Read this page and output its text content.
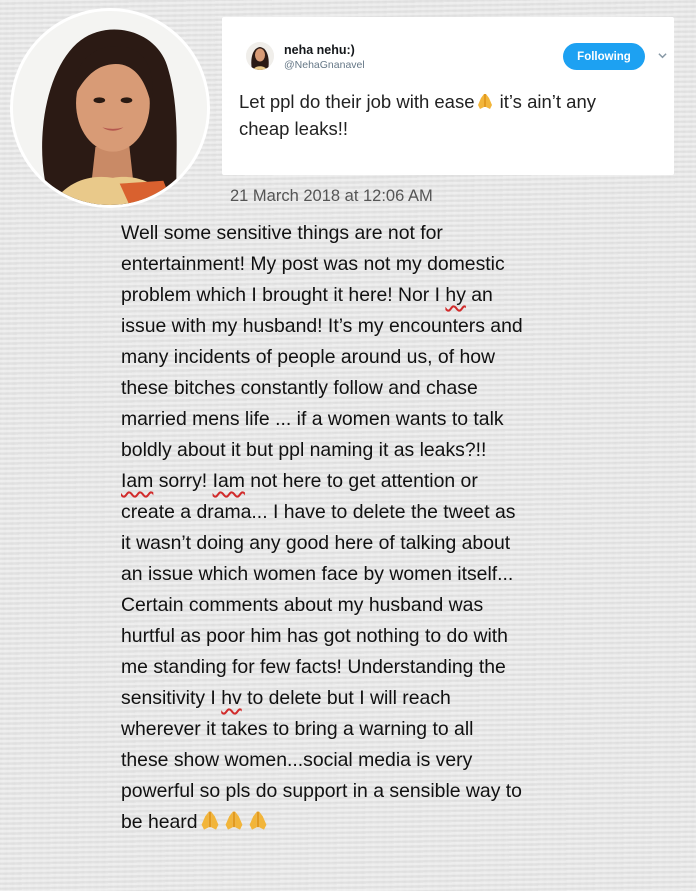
neha nehu:)
@NehaGnanavel
Following
Let ppl do their job with ease
it’s ain’t any
cheap leaks!!
21 March 2018 at 12:06 AM
Well some sensitive things are not for
entertainment! My post was not my domestic
problem which I brought it here! Nor I hy an
issue with my husband! It’s my encounters and
many incidents of people around us, of how
these bitches constantly follow and chase
married mens life ... if a women wants to talk
boldly about it but ppl naming it as leaks?!!
Iam sorry! Iam not here to get attention or
create a drama... I have to delete the tweet as
it wasn’t doing any good here of talking about
an issue which women face by women itself...
Certain comments about my husband was
hurtful as poor him has got nothing to do with
me standing for few facts! Understanding the
sensitivity I hv to delete but I will reach
wherever it takes to bring a warning to all
these show women...social media is very
powerful so pls do support in a sensible way to
be heard
